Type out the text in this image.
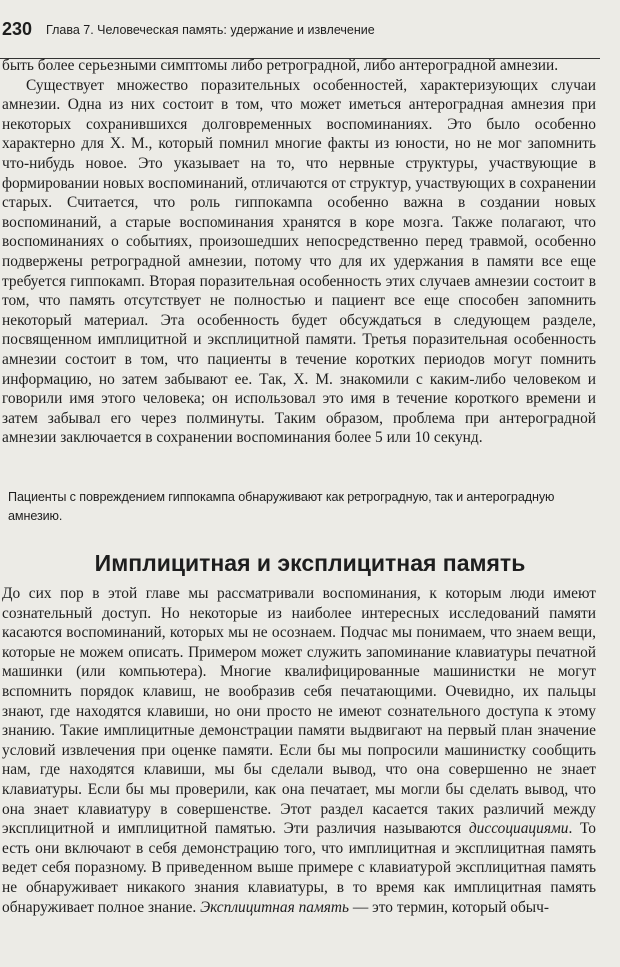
230 Глава 7. Человеческая память: удержание и извлечение

быть более серьезными симптомы либо ретроградной, либо антероградной амнезии.

Существует множество поразительных особенностей, характеризующих случаи амнезии. Одна из них состоит в том, что может иметься антероградная амнезия при некоторых сохранившихся долговременных воспоминаниях. Это было особенно характерно для Х. М., который помнил многие факты из юности, но не мог запомнить что-нибудь новое. Это указывает на то, что нервные структуры, участвующие в формировании новых воспоминаний, отличаются от структур, участвующих в сохранении старых. Считается, что роль гиппокампа особенно важна в создании новых воспоминаний, а старые воспоминания хранятся в коре мозга. Также полагают, что воспоминаниях о событиях, произошедших непосредственно перед травмой, особенно подвержены ретроградной амнезии, потому что для их удержания в памяти все еще требуется гиппокамп. Вторая поразительная особенность этих случаев амнезии состоит в том, что память отсутствует не полностью и пациент все еще способен запомнить некоторый материал. Эта особенность будет обсуждаться в следующем разделе, посвященном имплицитной и эксплицитной памяти. Третья поразительная особенность амнезии состоит в том, что пациенты в течение коротких периодов могут помнить информацию, но затем забывают ее. Так, Х. М. знакомили с каким-либо человеком и говорили имя этого человека; он использовал это имя в течение короткого времени и затем забывал его через полминуты. Таким образом, проблема при антероградной амнезии заключается в сохранении воспоминания более 5 или 10 секунд.

Пациенты с повреждением гиппокампа обнаруживают как ретроградную, так и антероградную амнезию.
Имплицитная и эксплицитная память

До сих пор в этой главе мы рассматривали воспоминания, к которым люди имеют сознательный доступ. Но некоторые из наиболее интересных исследований памяти касаются воспоминаний, которых мы не осознаем. Подчас мы понимаем, что знаем вещи, которые не можем описать. Примером может служить запоминание клавиатуры печатной машинки (или компьютера). Многие квалифицированные машинистки не могут вспомнить порядок клавиш, не вообразив себя печатающими. Очевидно, их пальцы знают, где находятся клавиши, но они просто не имеют сознательного доступа к этому знанию. Такие имплицитные демонстрации памяти выдвигают на первый план значение условий извлечения при оценке памяти. Если бы мы попросили машинистку сообщить нам, где находятся клавиши, мы бы сделали вывод, что она совершенно не знает клавиатуры. Если бы мы проверили, как она печатает, мы могли бы сделать вывод, что она знает клавиатуру в совершенстве. Этот раздел касается таких различий между эксплицитной и имплицитной памятью. Эти различия называются диссоциациями. То есть они включают в себя демонстрацию того, что имплицитная и эксплицитная память ведет себя поразному. В приведенном выше примере с клавиатурой эксплицитная память не обнаруживает никакого знания клавиатуры, в то время как имплицитная память обнаруживает полное знание. Эксплицитная память — это термин, который обыч-
